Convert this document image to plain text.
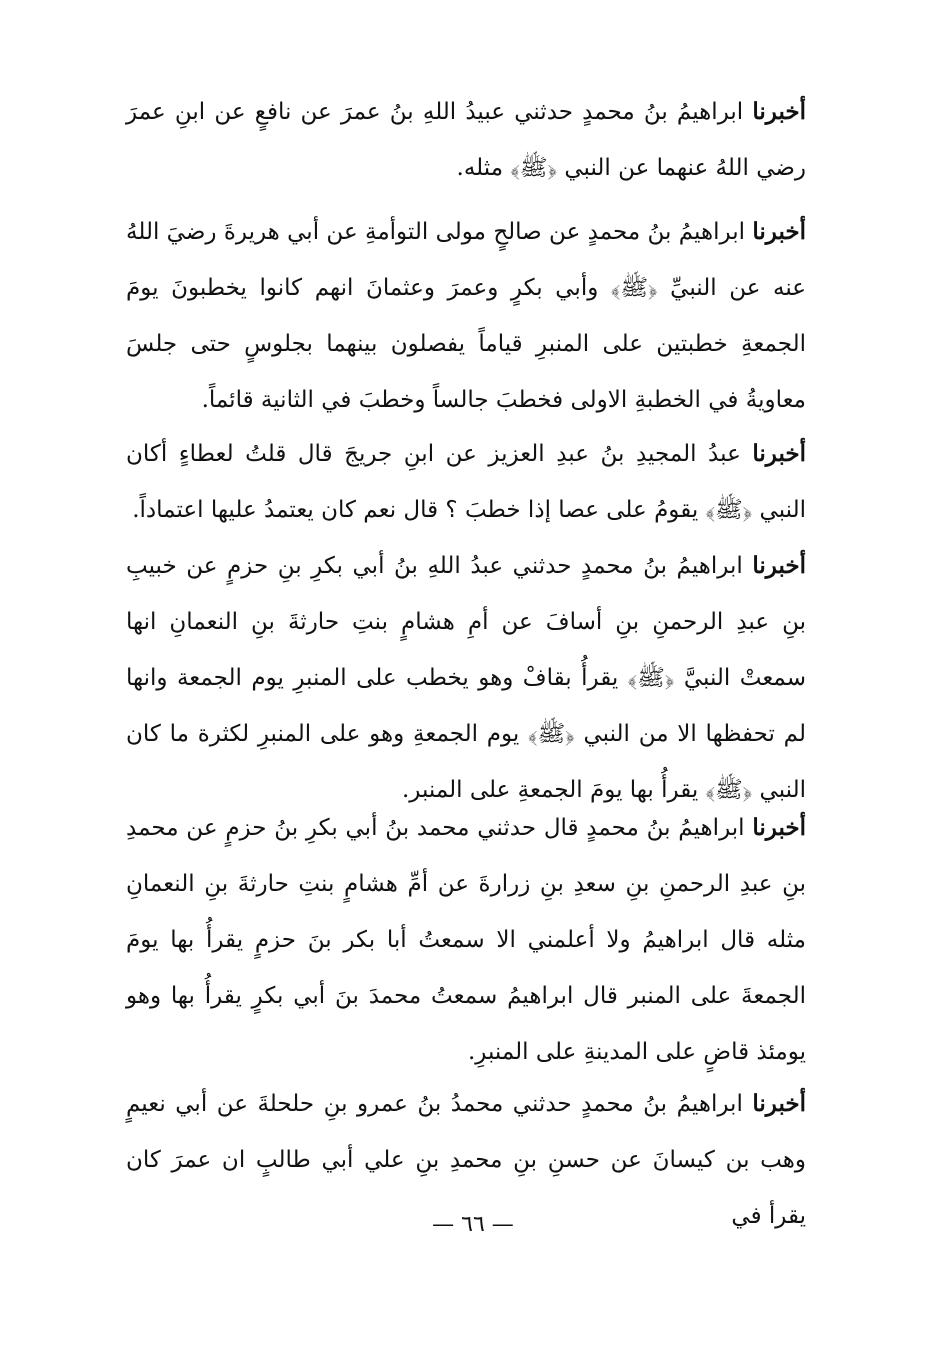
أخبرنا ابراهيمُ بنُ محمدٍ حدثني عبيدُ اللهِ بنُ عمرَ عن نافعٍ عن ابنِ عمرَ رضي اللهُ عنهما عن النبي ﴿ﷺ﴾ مثله.

أخبرنا ابراهيمُ بنُ محمدٍ عن صالحٍ مولى التوأمةِ عن أبي هريرةَ رضيَ اللهُ عنه عن النبيِّ ﴿ﷺ﴾ وأبي بكرٍ وعمرَ وعثمانَ انهم كانوا يخطبونَ يومَ الجمعةِ خطبتين على المنبرِ قياماً يفصلون بينهما بجلوسٍ حتى جلسَ معاويةُ في الخطبةِ الاولى فخطبَ جالساً وخطبَ في الثانية قائماً.

أخبرنا عبدُ المجيدِ بنُ عبدِ العزيز عن ابنِ جريجَ قال قلتُ لعطاءٍ أكان النبي ﴿ﷺ﴾ يقومُ على عصا إذا خطبَ ؟ قال نعم كان يعتمدُ عليها اعتماداً.

أخبرنا ابراهيمُ بنُ محمدٍ حدثني عبدُ اللهِ بنُ أبي بكرِ بنِ حزمٍ عن خبيبِ بنِ عبدِ الرحمنِ بنِ أسافَ عن أمِ هشامٍ بنتِ حارثةَ بنِ النعمانِ انها سمعتْ النبيَّ ﴿ﷺ﴾ يقرأُ بقافْ وهو يخطب على المنبرِ يوم الجمعة وانها لم تحفظها الا من النبي ﴿ﷺ﴾ يوم الجمعةِ وهو على المنبرِ لكثرة ما كان النبي ﴿ﷺ﴾ يقرأُ بها يومَ الجمعةِ على المنبر.

أخبرنا ابراهيمُ بنُ محمدٍ قال حدثني محمد بنُ أبي بكرِ بنُ حزمٍ عن محمدِ بنِ عبدِ الرحمنِ بنِ سعدِ بنِ زرارةَ عن أمِّ هشامٍ بنتِ حارثةَ بنِ النعمانِ مثله قال ابراهيمُ ولا أعلمني الا سمعتُ أبا بكر بنَ حزمٍ يقرأُ بها يومَ الجمعةَ على المنبر قال ابراهيمُ سمعتُ محمدَ بنَ أبي بكرٍ يقرأُ بها وهو يومئذ قاضٍ على المدينةِ على المنبرِ.

أخبرنا ابراهيمُ بنُ محمدٍ حدثني محمدُ بنُ عمرو بنِ حلحلةَ عن أبي نعيمٍ وهب بن كيسانَ عن حسنِ بنِ محمدِ بنِ علي أبي طالبٍ ان عمرَ كان يقرأ في

— ٦٦ —
